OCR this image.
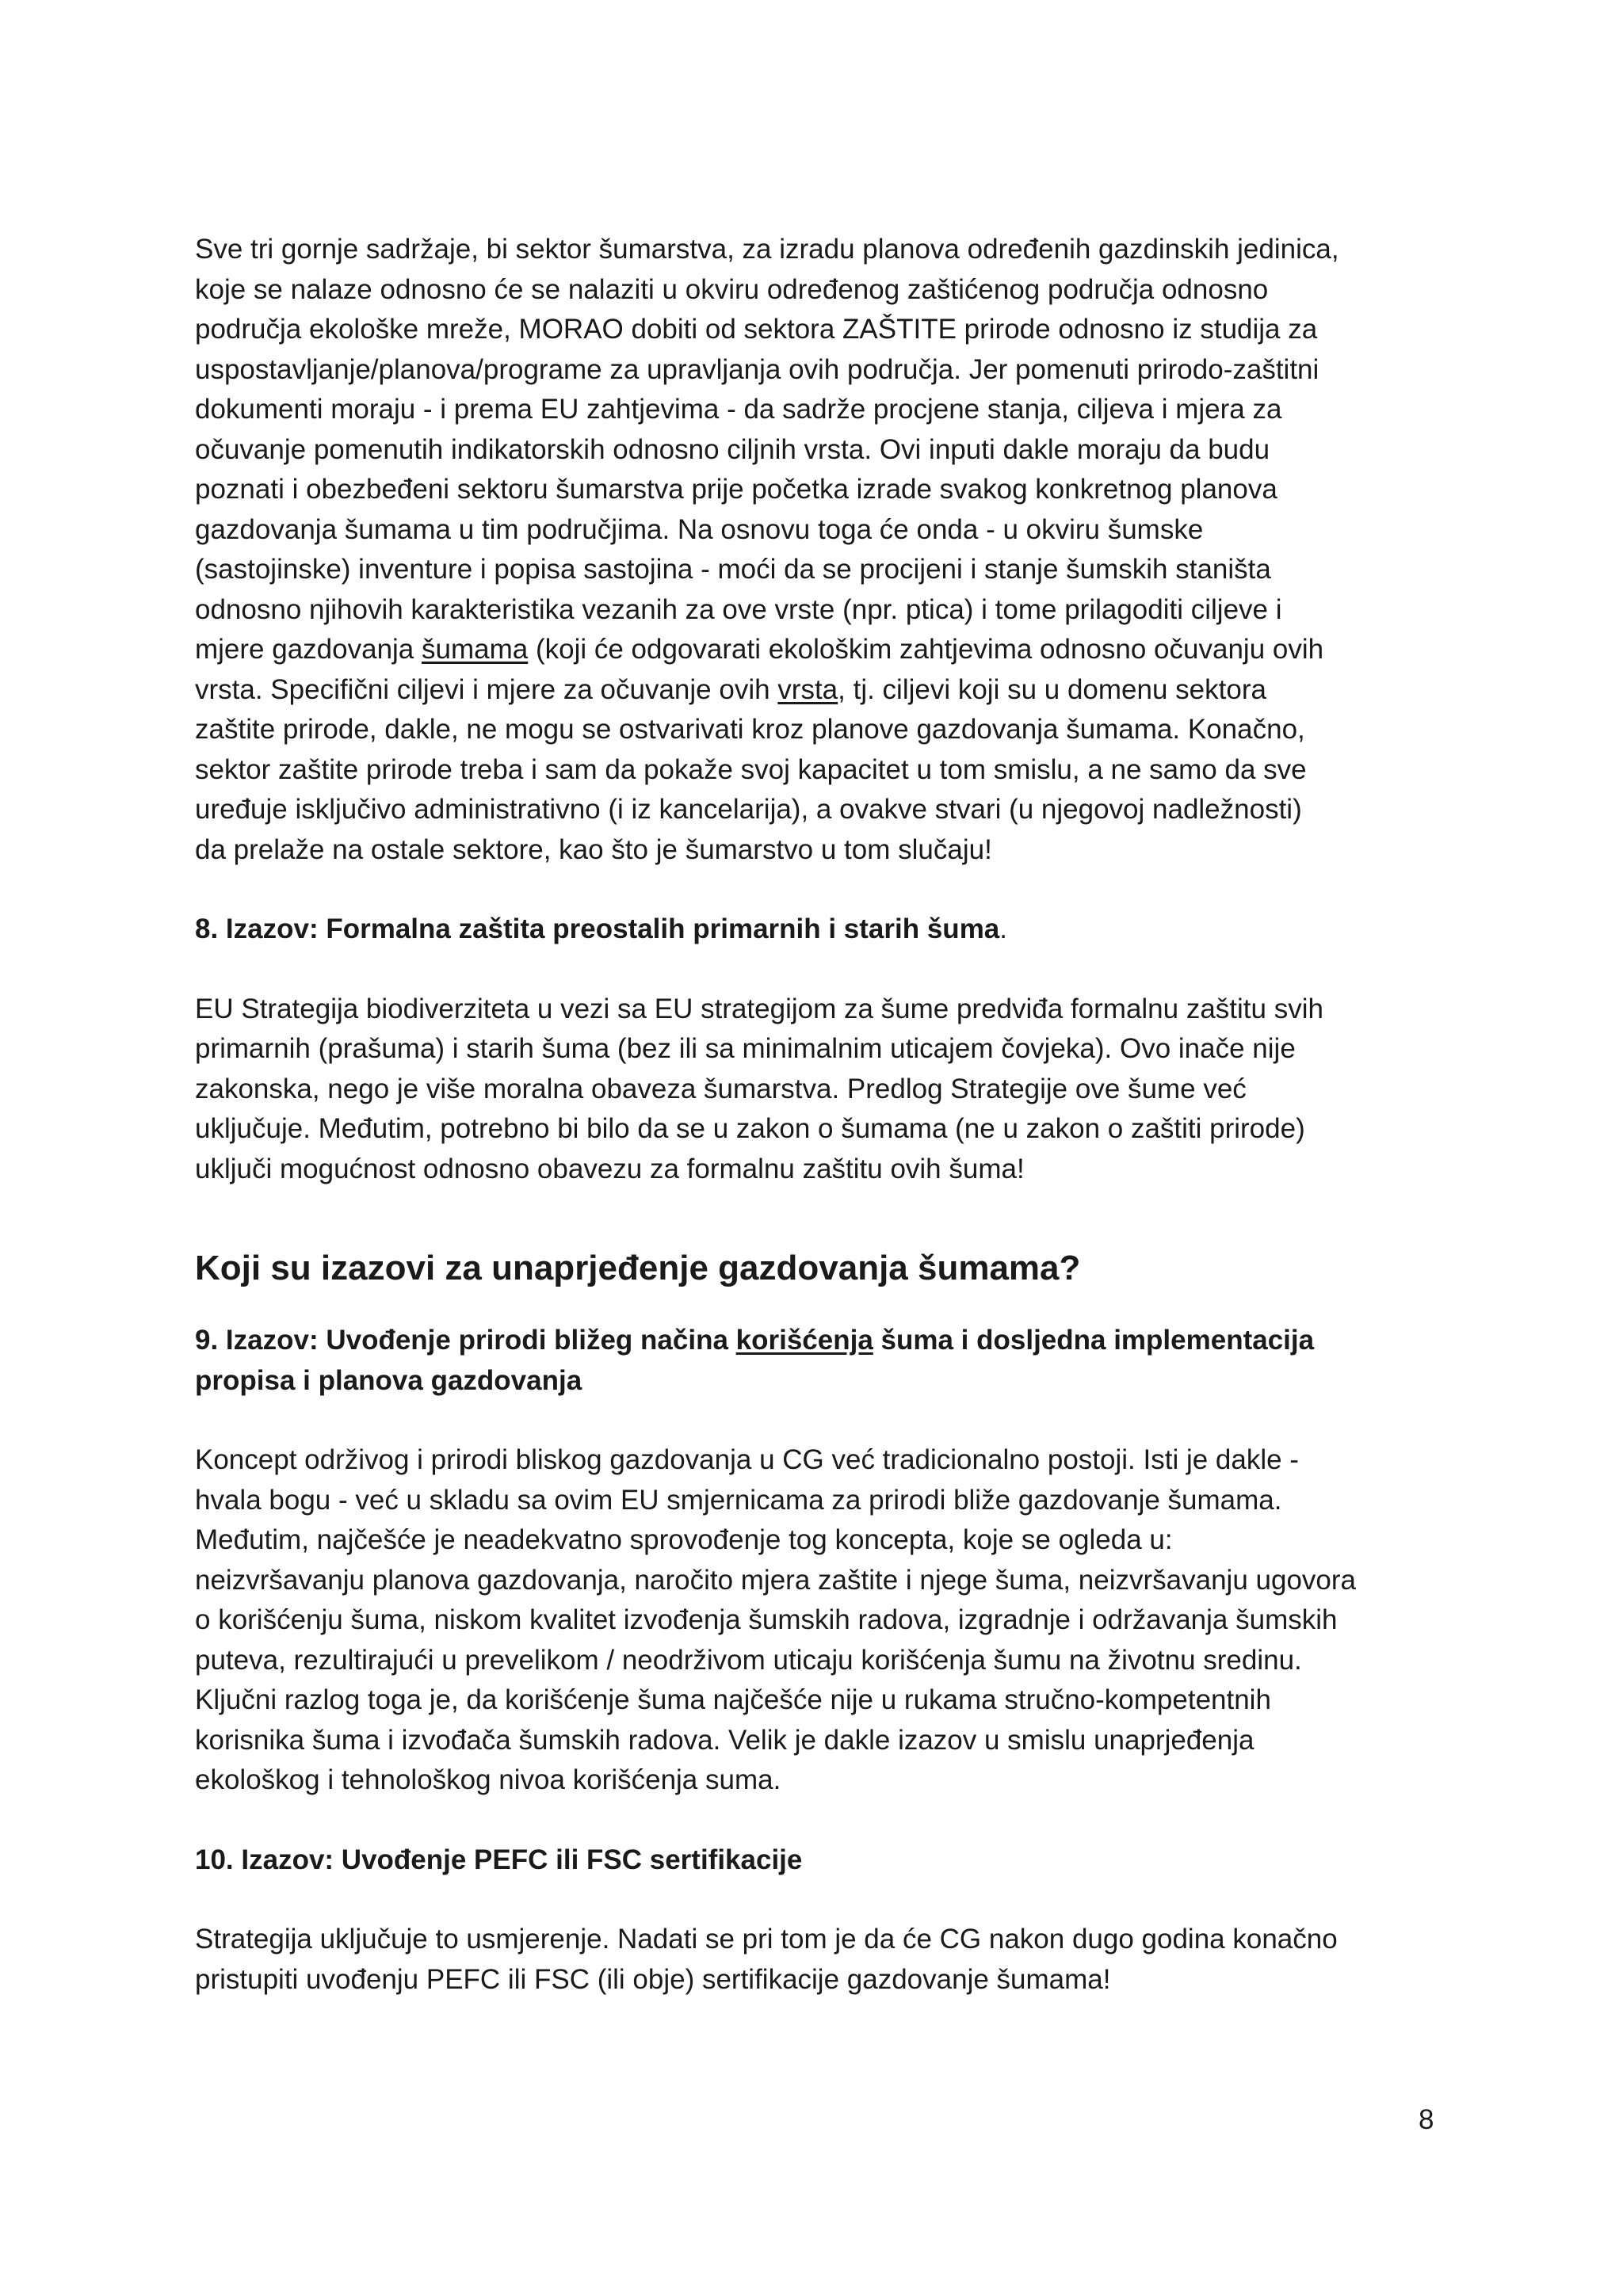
Sve tri gornje sadržaje, bi sektor šumarstva, za izradu planova određenih gazdinskih jedinica,
koje se nalaze odnosno će se nalaziti u okviru određenog zaštićenog područja odnosno
područja ekološke mreže, MORAO dobiti od sektora ZAŠTITE prirode odnosno iz studija za
uspostavljanje/planova/programe za upravljanja ovih područja. Jer pomenuti prirodo-zaštitni
dokumenti moraju - i prema EU zahtjevima - da sadrže procjene stanja, ciljeva i mjera za
očuvanje pomenutih indikatorskih odnosno ciljnih vrsta. Ovi inputi dakle moraju da budu
poznati i obezbeđeni sektoru šumarstva prije početka izrade svakog konkretnog planova
gazdovanja šumama u tim područjima. Na osnovu toga će onda - u okviru šumske
(sastojinske) inventure i popisa sastojina - moći da se procijeni i stanje šumskih staništa
odnosno njihovih karakteristika vezanih za ove vrste (npr. ptica) i tome prilagoditi ciljeve i
mjere gazdovanja šumama (koji će odgovarati ekološkim zahtjevima odnosno očuvanju ovih
vrsta. Specifični ciljevi i mjere za očuvanje ovih vrsta, tj. ciljevi koji su u domenu sektora
zaštite prirode, dakle, ne mogu se ostvarivati kroz planove gazdovanja šumama. Konačno,
sektor zaštite prirode treba i sam da pokaže svoj kapacitet u tom smislu, a ne samo da sve
uređuje isključivo administrativno (i iz kancelarija), a ovakve stvari (u njegovoj nadležnosti)
da prelaže na ostale sektore, kao što je šumarstvo u tom slučaju!
8. Izazov: Formalna zaštita preostalih primarnih i starih šuma.
EU Strategija biodiverziteta u vezi sa EU strategijom za šume predviđa formalnu zaštitu svih
primarnih (prašuma) i starih šuma (bez ili sa minimalnim uticajem čovjeka). Ovo inače nije
zakonska, nego je više moralna obaveza šumarstva. Predlog Strategije ove šume već
uključuje. Međutim, potrebno bi bilo da se u zakon o šumama (ne u zakon o zaštiti prirode)
uključi mogućnost odnosno obavezu za formalnu zaštitu ovih šuma!
Koji su izazovi za unaprjeđenje gazdovanja šumama?
9. Izazov: Uvođenje prirodi bližeg načina korišćenja šuma i dosljedna implementacija
propisa i planova gazdovanja
Koncept održivog i prirodi bliskog gazdovanja u CG već tradicionalno postoji. Isti je dakle -
hvala bogu - već u skladu sa ovim EU smjernicama za prirodi bliže gazdovanje šumama.
Međutim, najčešće je neadekvatno sprovođenje tog koncepta, koje se ogleda u:
neizvršavanju planova gazdovanja, naročito mjera zaštite i njege šuma, neizvršavanju ugovora
o korišćenju šuma, niskom kvalitet izvođenja šumskih radova, izgradnje i održavanja šumskih
puteva, rezultirajući u prevelikom / neodrživom uticaju korišćenja šumu na životnu sredinu.
Ključni razlog toga je, da korišćenje šuma najčešće nije u rukama stručno-kompetentnih
korisnika šuma i izvođača šumskih radova. Velik je dakle izazov u smislu unaprjeđenja
ekološkog i tehnološkog nivoa korišćenja suma.
10. Izazov: Uvođenje PEFC ili FSC sertifikacije
Strategija uključuje to usmjerenje. Nadati se pri tom je da će CG nakon dugo godina konačno
pristupiti uvođenju PEFC ili FSC (ili obje) sertifikacije gazdovanje šumama!
8
